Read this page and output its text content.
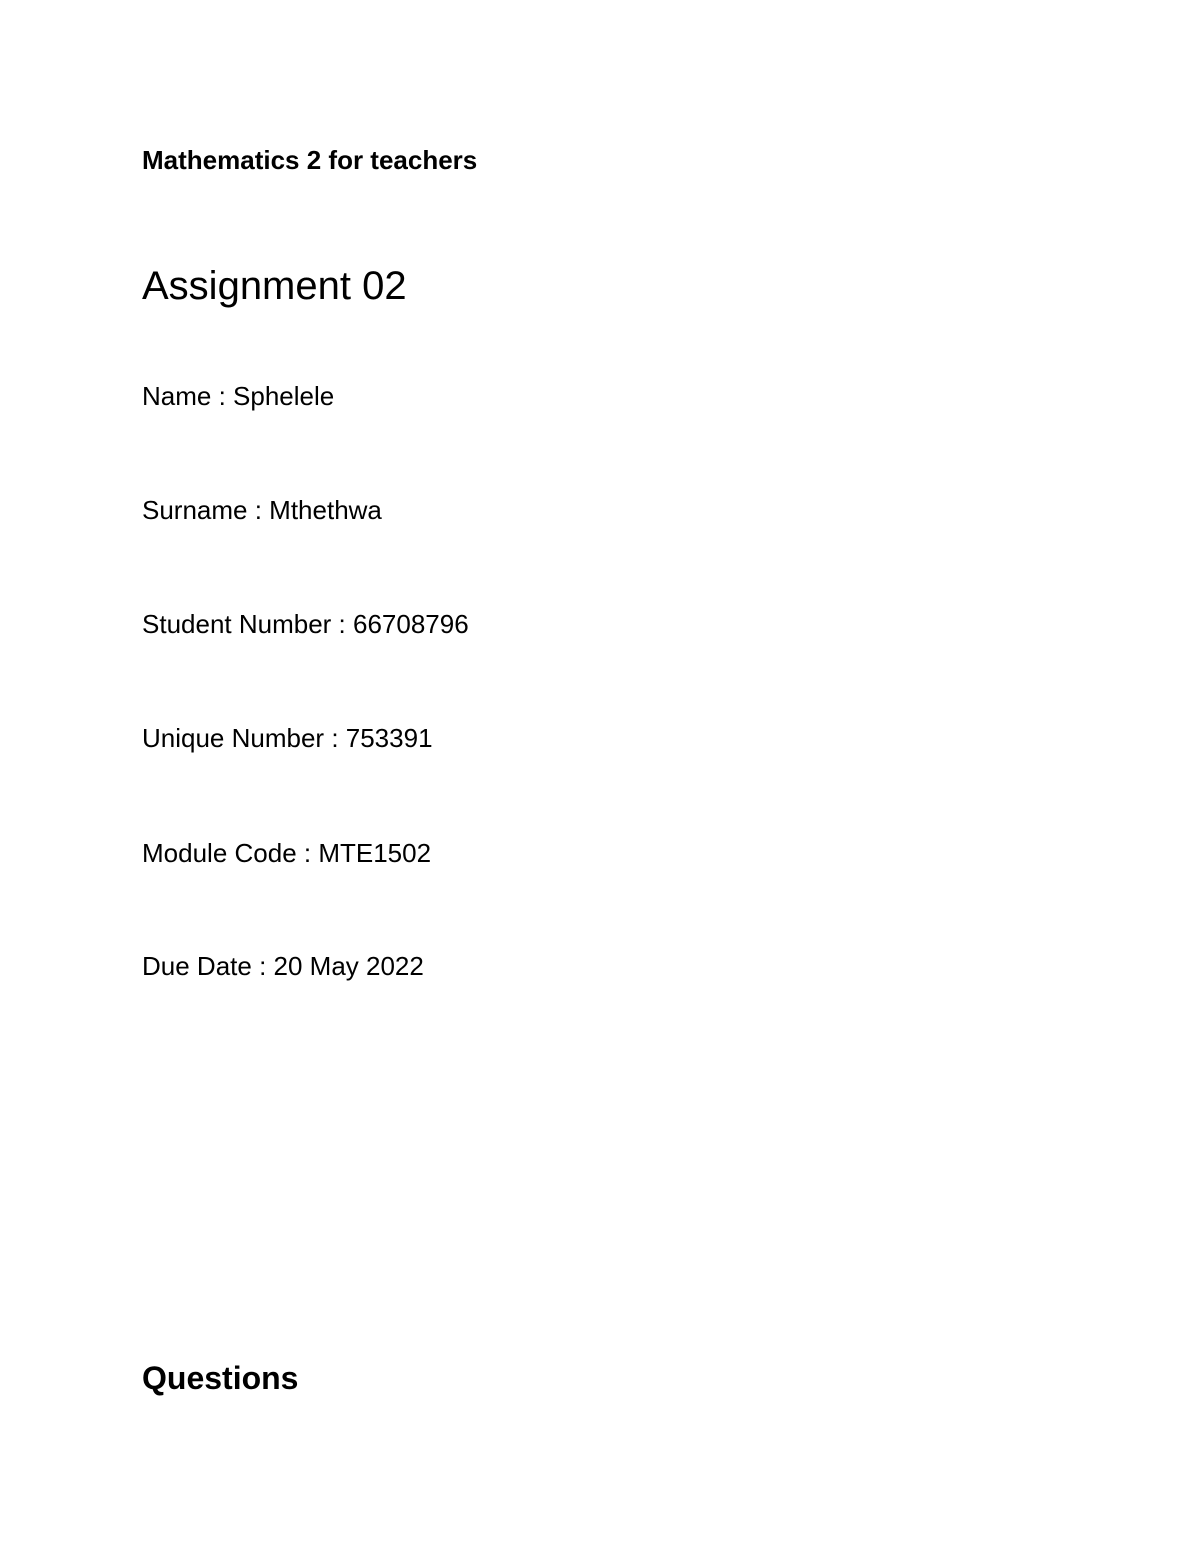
Mathematics 2 for teachers
Assignment 02
Name : Sphelele
Surname : Mthethwa
Student Number : 66708796
Unique Number : 753391
Module Code : MTE1502
Due Date : 20 May 2022
Questions
